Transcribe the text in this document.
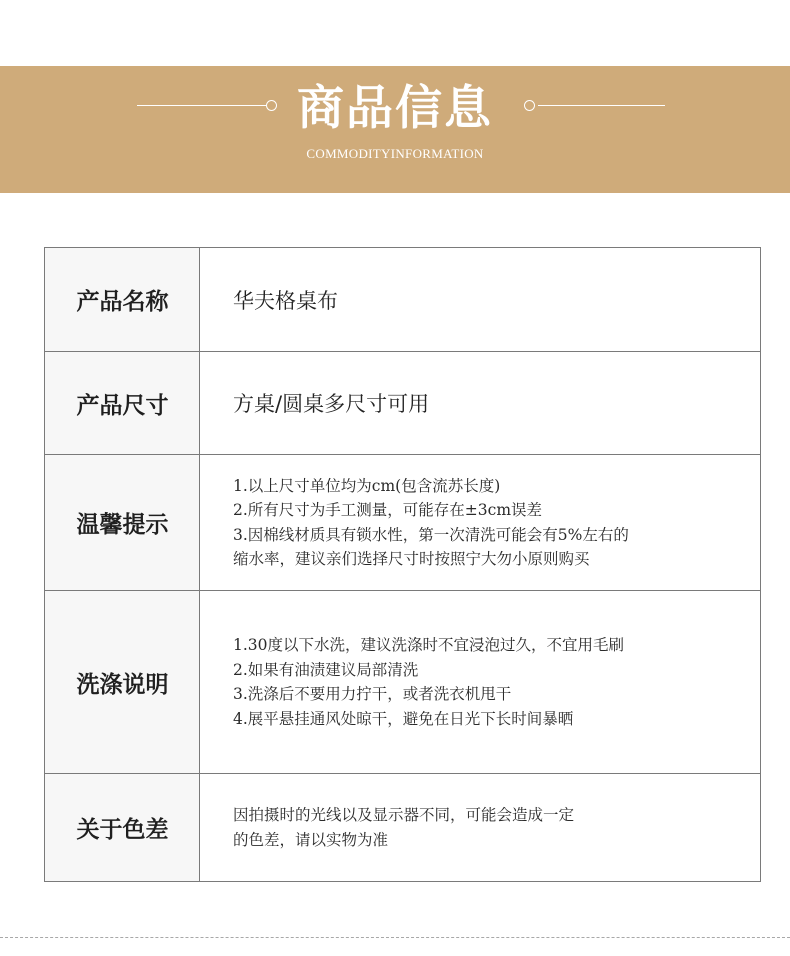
商品信息
COMMODITYINFORMATION
产品名称	华夫格桌布
产品尺寸	方桌/圆桌多尺寸可用
温馨提示
1.以上尺寸单位均为cm(包含流苏长度)
2.所有尺寸为手工测量，可能存在±3cm误差
3.因棉线材质具有锁水性，第一次清洗可能会有5%左右的
缩水率，建议亲们选择尺寸时按照宁大勿小原则购买
洗涤说明
1.30度以下水洗，建议洗涤时不宜浸泡过久，不宜用毛刷
2.如果有油渍建议局部清洗
3.洗涤后不要用力拧干，或者洗衣机甩干
4.展平悬挂通风处晾干，避免在日光下长时间暴晒
关于色差
因拍摄时的光线以及显示器不同，可能会造成一定
的色差，请以实物为准
